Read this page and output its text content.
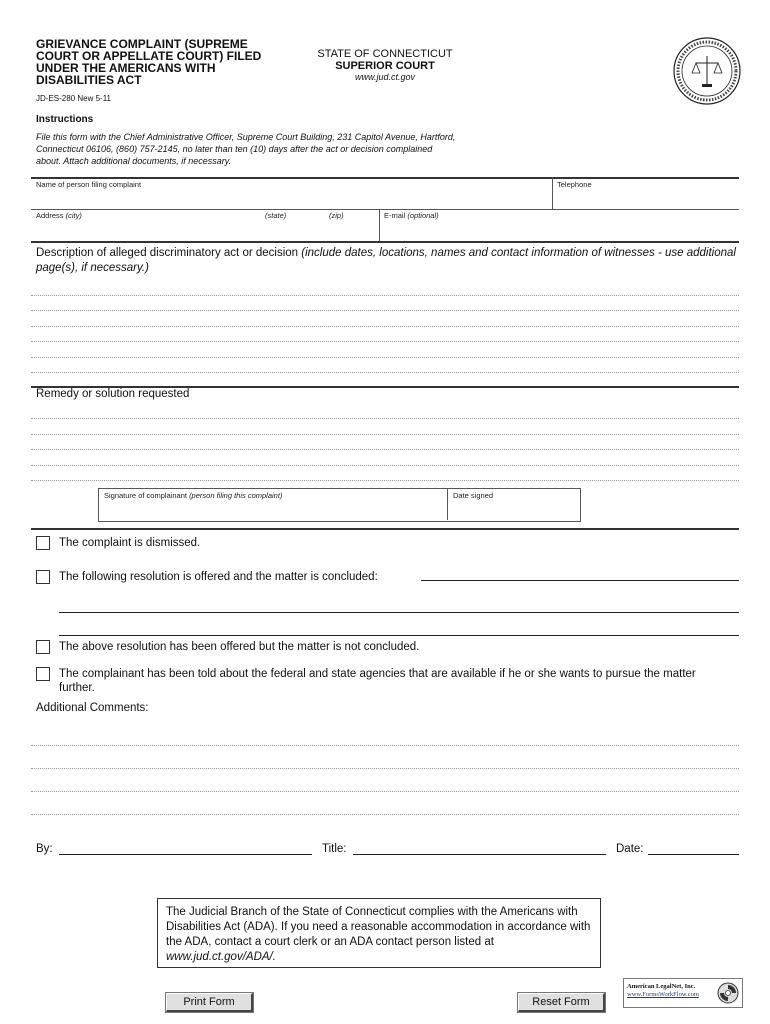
GRIEVANCE COMPLAINT (SUPREME COURT OR APPELLATE COURT) FILED UNDER THE AMERICANS WITH DISABILITIES ACT
JD-ES-280 New 5-11
STATE OF CONNECTICUT
SUPERIOR COURT
www.jud.ct.gov
Instructions
File this form with the Chief Administrative Officer, Supreme Court Building, 231 Capitol Avenue, Hartford, Connecticut 06106, (860) 757-2145, no later than ten (10) days after the act or decision complained about. Attach additional documents, if necessary.
Name of person filing complaint	Telephone
Address (city)	(state)	(zip)	E-mail (optional)
Description of alleged discriminatory act or decision (include dates, locations, names and contact information of witnesses - use additional page(s), if necessary.)
Remedy or solution requested
Signature of complainant (person filing this complaint)	Date signed
The complaint is dismissed.
The following resolution is offered and the matter is concluded:
The above resolution has been offered but the matter is not concluded.
The complainant has been told about the federal and state agencies that are available if he or she wants to pursue the matter further.
Additional Comments:
By:	Title:	Date:
The Judicial Branch of the State of Connecticut complies with the Americans with Disabilities Act (ADA). If you need a reasonable accommodation in accordance with the ADA, contact a court clerk or an ADA contact person listed at www.jud.ct.gov/ADA/.
Print Form	Reset Form
American LegalNet, Inc.
www.FormsWorkFlow.com
